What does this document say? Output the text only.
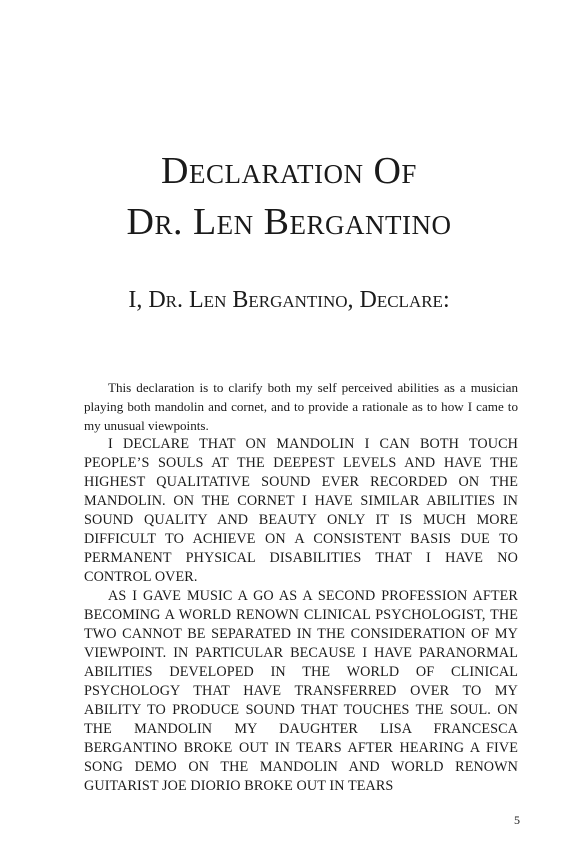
Declaration Of
Dr. Len Bergantino
I, Dr. Len Bergantino, Declare:

This declaration is to clarify both my self perceived abilities as a musician playing both mandolin and cornet, and to provide a rationale as to how I came to my unusual viewpoints.

I DECLARE THAT ON MANDOLIN I CAN BOTH TOUCH PEOPLE’S SOULS AT THE DEEPEST LEVELS AND HAVE THE HIGHEST QUALITATIVE SOUND EVER RECORDED ON THE MANDOLIN. ON THE CORNET I HAVE SIMILAR ABILITIES IN SOUND QUALITY AND BEAUTY ONLY IT IS MUCH MORE DIFFICULT TO ACHIEVE ON A CONSISTENT BASIS DUE TO PERMANENT PHYSICAL DISABILITIES THAT I HAVE NO CONTROL OVER.

AS I GAVE MUSIC A GO AS A SECOND PROFESSION AFTER BECOMING A WORLD RENOWN CLINICAL PSYCHOLOGIST, THE TWO CANNOT BE SEPARATED IN THE CONSIDERATION OF MY VIEWPOINT. IN PARTICULAR BECAUSE I HAVE PARANORMAL ABILITIES DEVELOPED IN THE WORLD OF CLINICAL PSYCHOLOGY THAT HAVE TRANSFERRED OVER TO MY ABILITY TO PRODUCE SOUND THAT TOUCHES THE SOUL. ON THE MANDOLIN MY DAUGHTER LISA FRANCESCA BERGANTINO BROKE OUT IN TEARS AFTER HEARING A FIVE SONG DEMO ON THE MANDOLIN AND WORLD RENOWN GUITARIST JOE DIORIO BROKE OUT IN TEARS

5
